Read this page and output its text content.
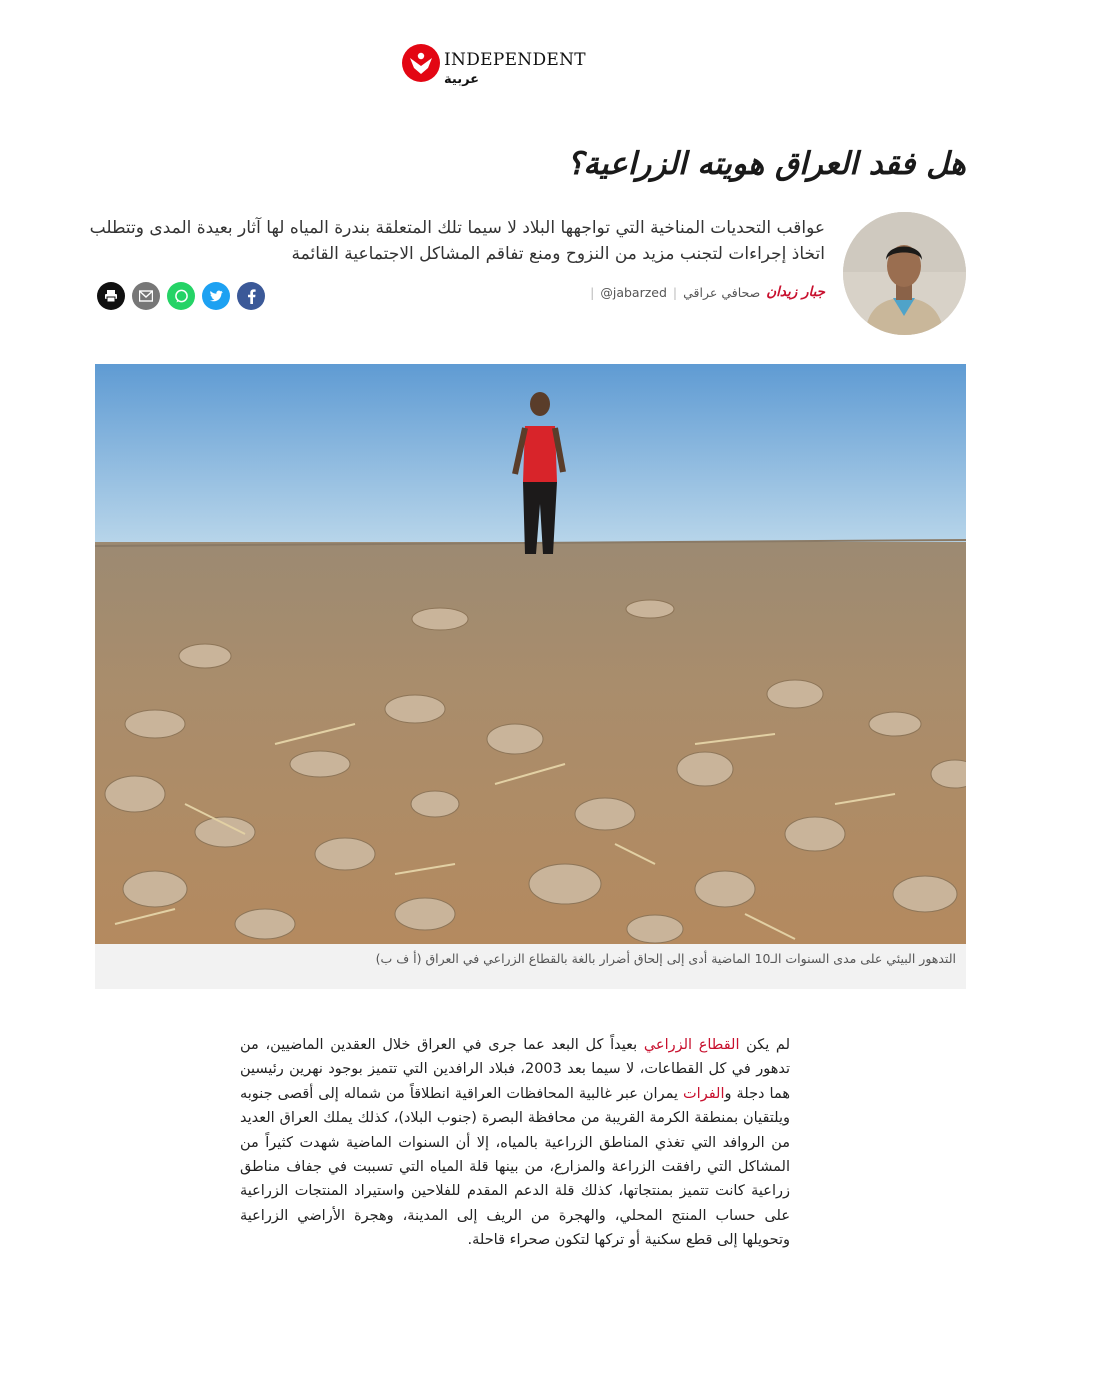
INDEPENDENT
عربية
هل فقد العراق هويته الزراعية؟

عواقب التحديات المناخية التي تواجهها البلاد لا سيما تلك المتعلقة بندرة المياه لها آثار بعيدة المدى وتتطلب اتخاذ إجراءات لتجنب مزيد من النزوح ومنع تفاقم المشاكل الاجتماعية القائمة

جبار زيدان
صحافي عراقي
|
@jabarzed
|
التدهور البيئي على مدى السنوات الـ10 الماضية أدى إلى إلحاق أضرار بالغة بالقطاع الزراعي في العراق (أ ف ب)

لم يكن القطاع الزراعي بعيداً كل البعد عما جرى في العراق خلال العقدين الماضيين، من تدهور في كل القطاعات، لا سيما بعد 2003، فبلاد الرافدين التي تتميز بوجود نهرين رئيسين هما دجلة والفرات يمران عبر غالبية المحافظات العراقية انطلاقاً من شماله إلى أقصى جنوبه ويلتقيان بمنطقة الكرمة القريبة من محافظة البصرة (جنوب البلاد)، كذلك يملك العراق العديد من الروافد التي تغذي المناطق الزراعية بالمياه، إلا أن السنوات الماضية شهدت كثيراً من المشاكل التي رافقت الزراعة والمزارع، من بينها قلة المياه التي تسببت في جفاف مناطق زراعية كانت تتميز بمنتجاتها، كذلك قلة الدعم المقدم للفلاحين واستيراد المنتجات الزراعية على حساب المنتج المحلي، والهجرة من الريف إلى المدينة، وهجرة الأراضي الزراعية وتحويلها إلى قطع سكنية أو تركها لتكون صحراء قاحلة.
